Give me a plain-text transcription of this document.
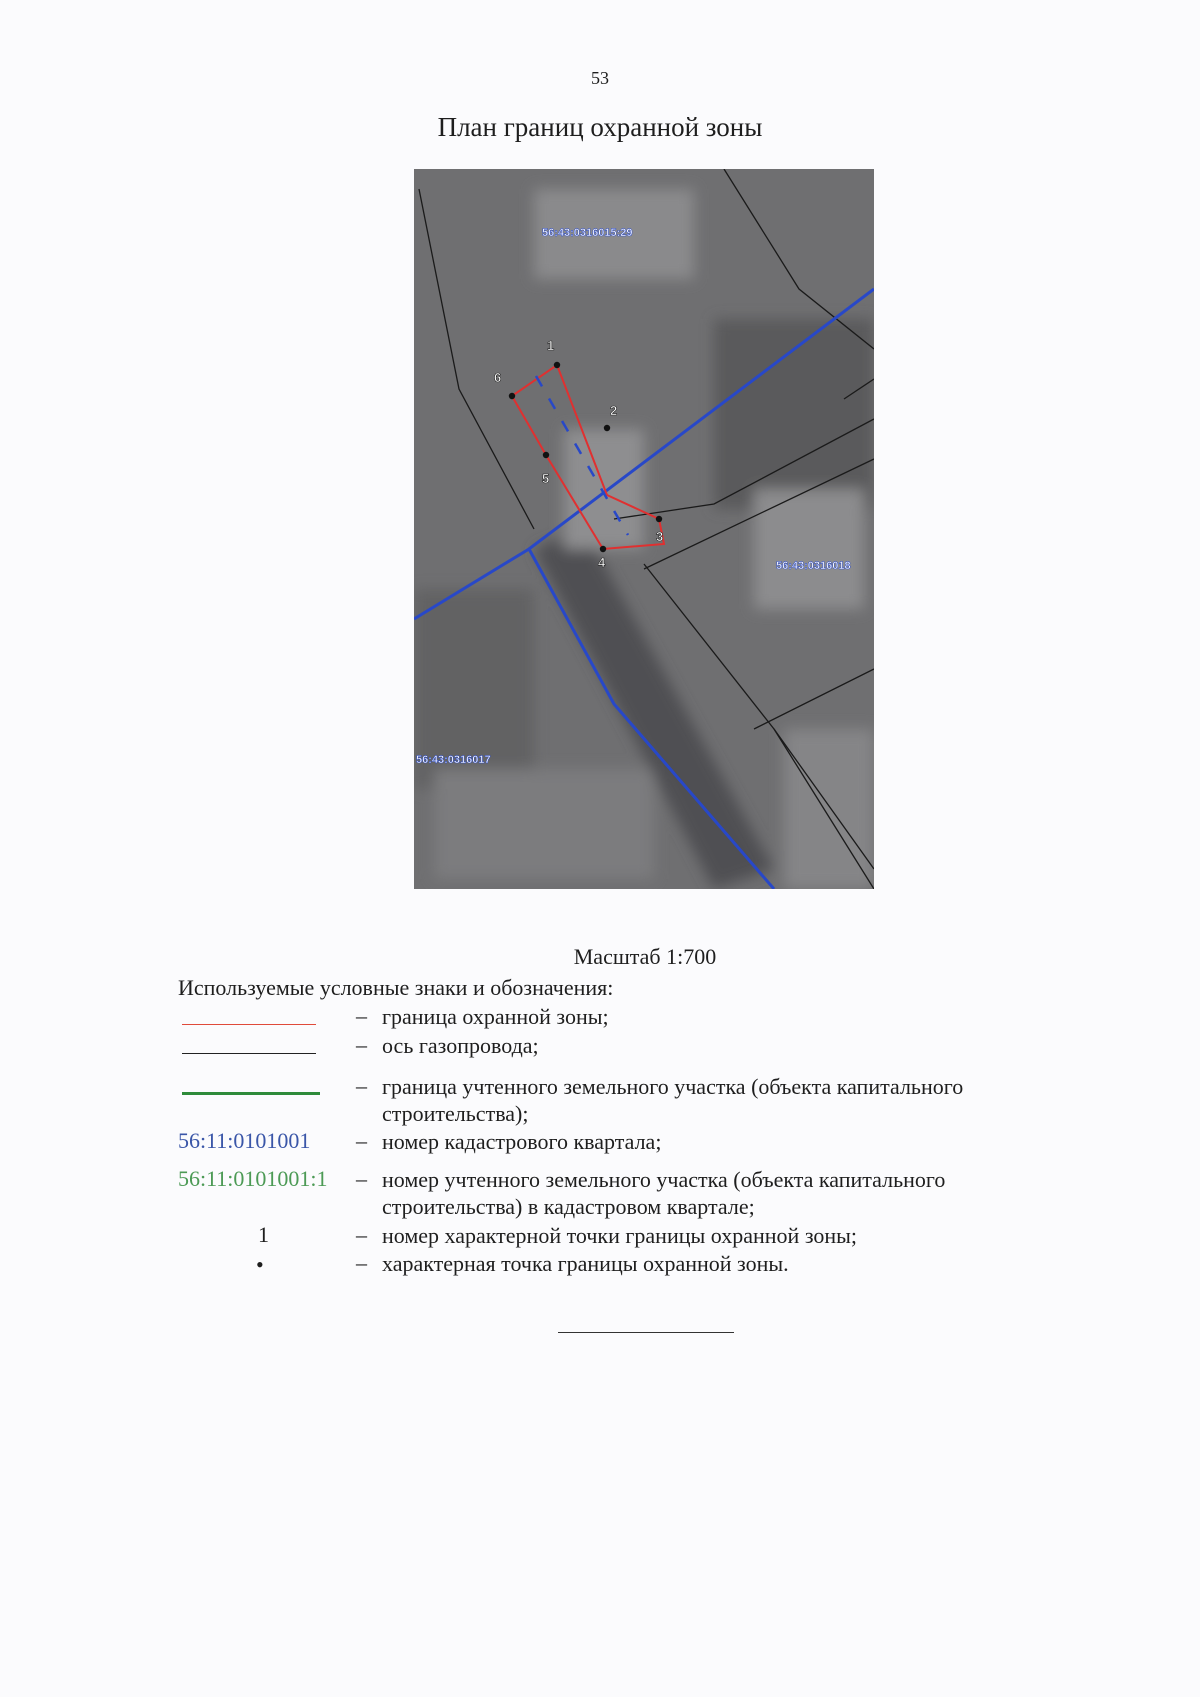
53
План границ охранной зоны
1
2
3
4
5
6
56:43:0316015:29
56:43:0316018
56:43:0316017
Масштаб 1:700
Используемые условные знаки и обозначения:
– граница охранной зоны;
– ось газопровода;
– граница учтенного земельного участка (объекта капитального строительства);
56:11:0101001	– номер кадастрового квартала;
56:11:0101001:1	– номер учтенного земельного участка (объекта капитального строительства) в кадастровом квартале;
1	– номер характерной точки границы охранной зоны;
•	– характерная точка границы охранной зоны.
